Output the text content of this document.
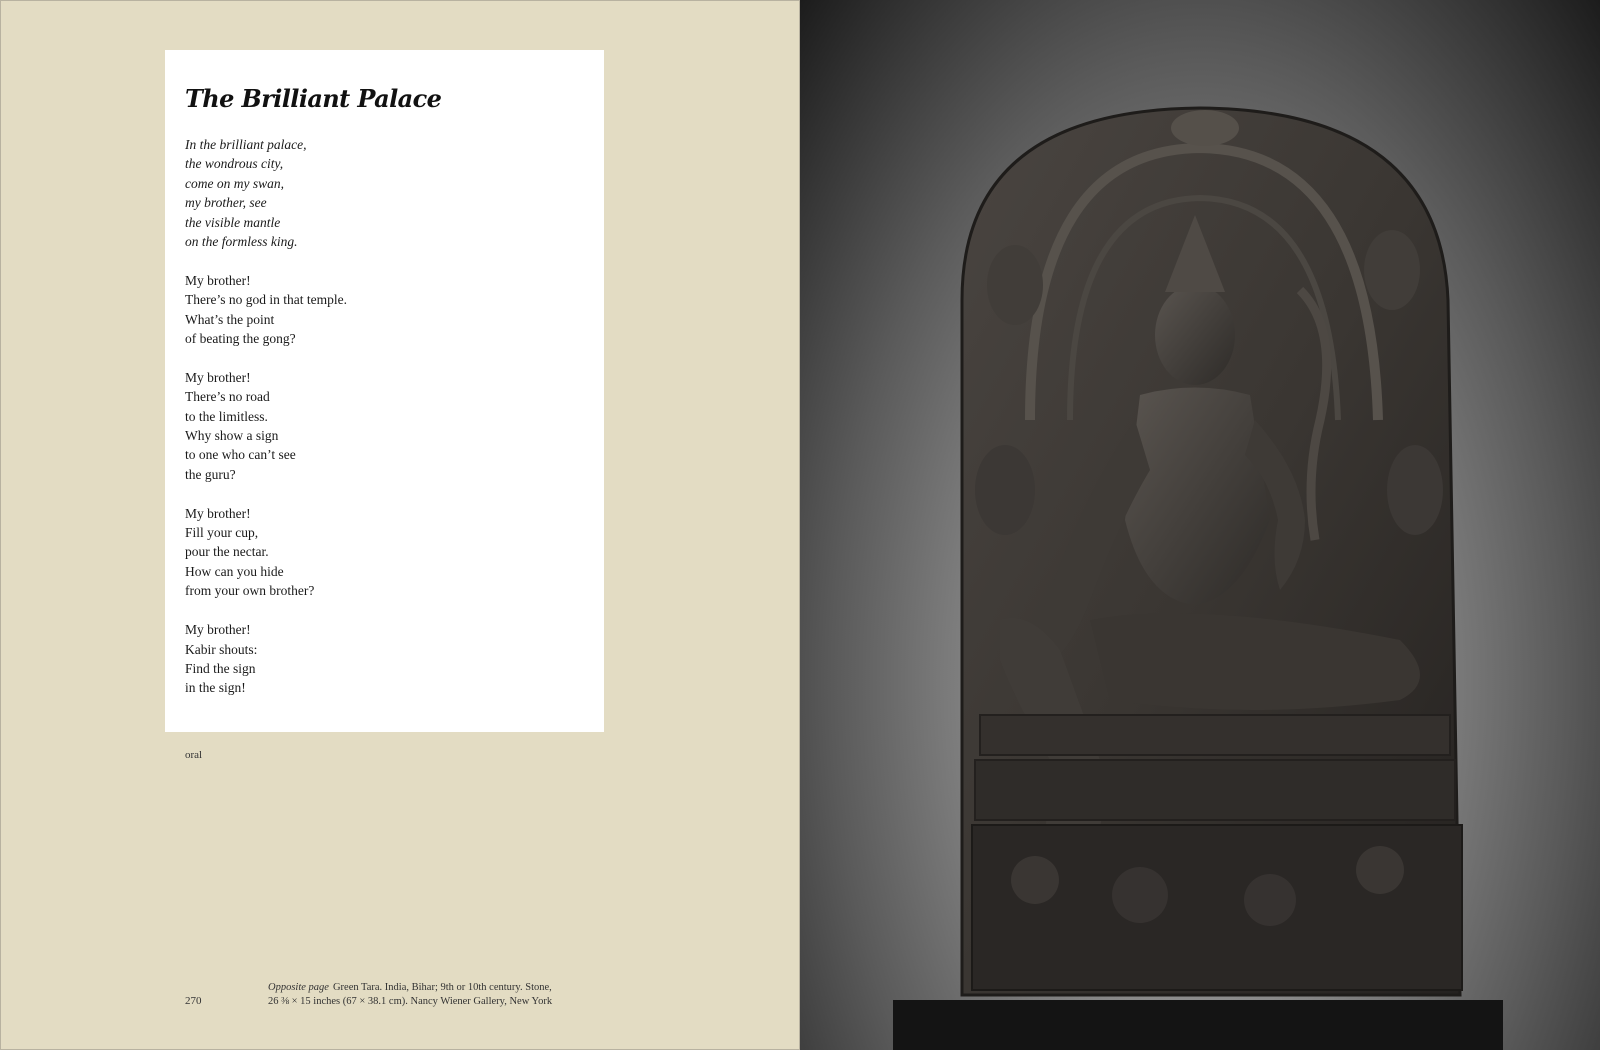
The Brilliant Palace

In the brilliant palace,
the wondrous city,
come on my swan,
my brother, see
the visible mantle
on the formless king.

My brother!
There’s no god in that temple.
What’s the point
of beating the gong?

My brother!
There’s no road
to the limitless.
Why show a sign
to one who can’t see
the guru?

My brother!
Fill your cup,
pour the nectar.
How can you hide
from your own brother?

My brother!
Kabir shouts:
Find the sign
in the sign!

oral
270
Opposite page Green Tara. India, Bihar; 9th or 10th century. Stone,
26 ⅜ × 15 inches (67 × 38.1 cm). Nancy Wiener Gallery, New York
